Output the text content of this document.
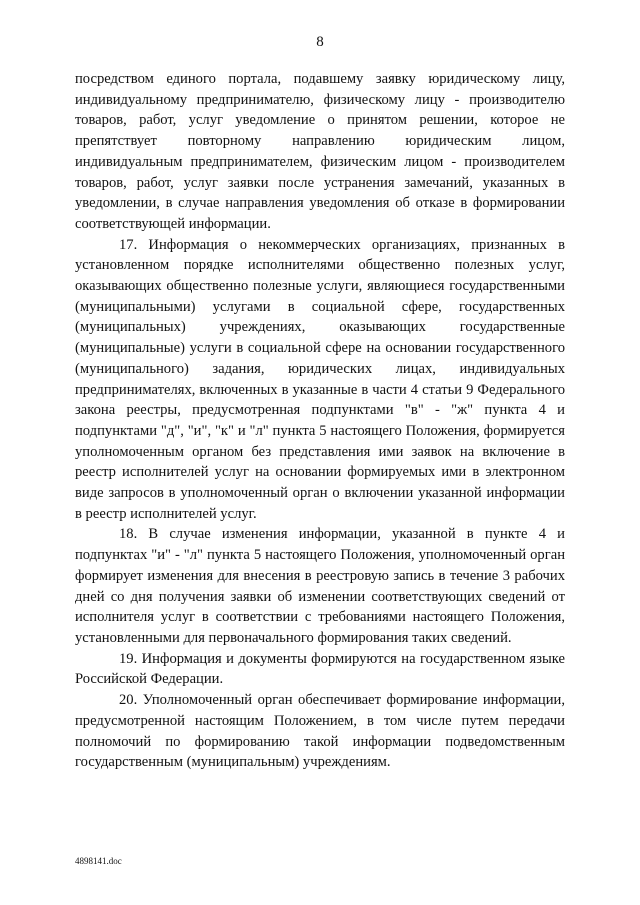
8

посредством единого портала, подавшему заявку юридическому лицу, индивидуальному предпринимателю, физическому лицу - производителю товаров, работ, услуг уведомление о принятом решении, которое не препятствует повторному направлению юридическим лицом, индивидуальным предпринимателем, физическим лицом - производителем товаров, работ, услуг заявки после устранения замечаний, указанных в уведомлении, в случае направления уведомления об отказе в формировании соответствующей информации.

17. Информация о некоммерческих организациях, признанных в установленном порядке исполнителями общественно полезных услуг, оказывающих общественно полезные услуги, являющиеся государственными (муниципальными) услугами в социальной сфере, государственных (муниципальных) учреждениях, оказывающих государственные (муниципальные) услуги в социальной сфере на основании государственного (муниципального) задания, юридических лицах, индивидуальных предпринимателях, включенных в указанные в части 4 статьи 9 Федерального закона реестры, предусмотренная подпунктами "в" - "ж" пункта 4 и подпунктами "д", "и", "к" и "л" пункта 5 настоящего Положения, формируется уполномоченным органом без представления ими заявок на включение в реестр исполнителей услуг на основании формируемых ими в электронном виде запросов в уполномоченный орган о включении указанной информации в реестр исполнителей услуг.

18. В случае изменения информации, указанной в пункте 4 и подпунктах "и" - "л" пункта 5 настоящего Положения, уполномоченный орган формирует изменения для внесения в реестровую запись в течение 3 рабочих дней со дня получения заявки об изменении соответствующих сведений от исполнителя услуг в соответствии с требованиями настоящего Положения, установленными для первоначального формирования таких сведений.

19. Информация и документы формируются на государственном языке Российской Федерации.

20. Уполномоченный орган обеспечивает формирование информации, предусмотренной настоящим Положением, в том числе путем передачи полномочий по формированию такой информации подведомственным государственным (муниципальным) учреждениям.

4898141.doc
